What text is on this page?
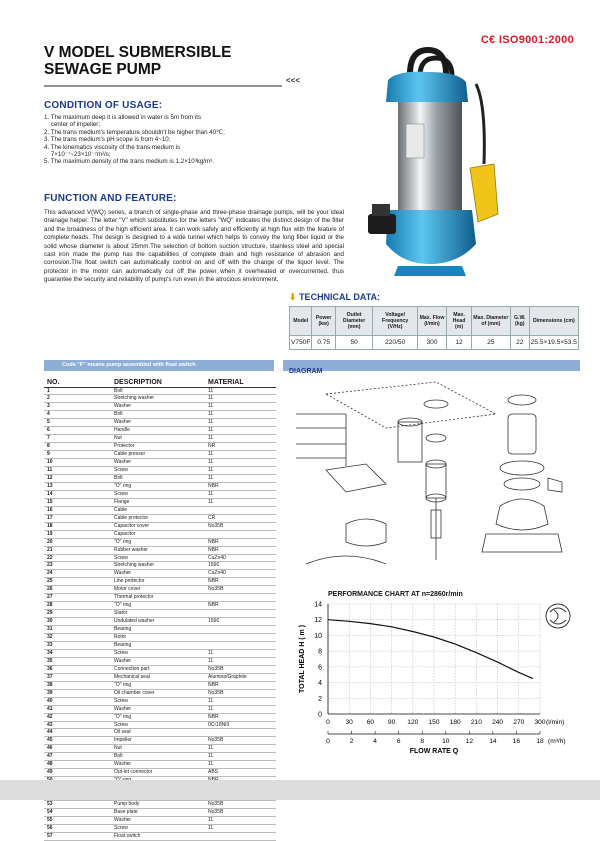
C€ ISO9001:2000
V MODEL SUBMERSIBLE
SEWAGE PUMP
<<<
CONDITION OF USAGE:
1. The maximum deep it is allowed in water is 5m from its
center of impeller;
2. The trans medium's temperature shouldn't be higher than 40℃;
3. The trans medium's pH scope is from 4~10;
4. The kinematics viscosity of the trans medium is
7×10⁻⁷~23×10⁻⁷m²/s;
5. The maximum density of the trans medium is 1.2×10³kg/m³.
FUNCTION AND FEATURE:

This advanced V(WQ) series, a branch of single-phase and three-phase drainage pumps, will be your ideal drainage helper. The letter "V" which substitutes for the letters "WQ" indicates the distinct design of the filter and the broadness of the high efficient area. It can work safely and efficiently at high flux with the feature of complete heads. The design is designed to a wide tunnel which helps to convey the long fiber liquid or the solid whose diameter is about 25mm.The selection of bottom suction structure, stainless steel and special cast iron made the pump has the capabilities of complete drain and high resistance of abrasion and corrosion.The float switch can automatically control on and off with the change of the liquor level. The protector in the motor can automatically cut off the power when it overheated or overcurrented, thus guarantee the security and reliability of pump's run even in the atrocious environment.

⬇ TECHNICAL DATA:
Model	Power (kw)	Outlet Diameter (mm)	Voltage/ Frequency (V/Hz)	Max. Flow (l/min)	Max. Head (m)	Max. Diameter of (mm)	G.W. (kg)	Dimensions (cm)
V750F	0.75	50	220/50	300	12	25	22	25.5×19.5×53.5
Code "F" means pump assembled with float switch
DIAGRAM
NO.	DESCRIPTION	MATERIAL
1	Bolt	11
2	Stretching washer	11
3	Washer	11
4	Bolt	11
5	Washer	11
6	Handle	11
7	Nut	11
8	Protector	NR
9	Cable presser	11
10	Washer	11
11	Screw	11
12	Bolt	11
13	"O" ring	NBR
14	Screw	11
15	Flange	11
16	Cable	
17	Cable protector	CR
18	Capacitor cover	No35B
19	Capacitor	
20	"O" ring	NBR
21	Rubber washer	NBR
22	Screw	CuZn40
23	Stretching washer	1566
24	Washer	CuZn40
25	Line protector	NBR
26	Motor cover	No35B
27	Thermal protector	
28	"O" ring	NBR
29	Stator	
30	Undulated washer	1566
31	Bearing	
32	Rotor	
33	Bearing	
34	Screw	11
35	Washer	11
36	Connection part	No35B
37	Mechanical seal	Alumina/Graphite
38	"O" ring	NBR
39	Oil chamber cover	No35B
40	Screw	11
41	Washer	11
42	"O" ring	NBR
43	Screw	0Cr18Ni9
44	Oil seal	
45	Impeller	No35B
46	Nut	11
47	Bolt	11
48	Washer	11
49	Out-let connector	ABS

53	Pump body	No35B
54	Base plate	No35B
55	Washer	11
56	Screw	11
57	Float switch	
PERFORMANCE CHART AT n=2860r/min
0
2
4
6
8
10
12
14
0 30 60 90 120 150 180 210 240 270 300 (l/min)
0	2	4	6	8	10 12 14 16 18 (m³/h)
FLOW RATE Q
TOTAL HEAD H ( m )
